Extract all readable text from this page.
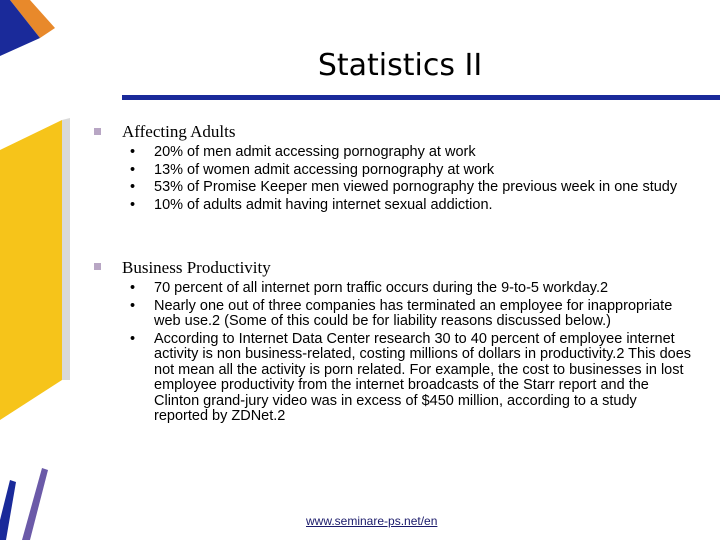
Statistics II
Affecting Adults
• 20% of men admit accessing pornography at work
• 13% of women admit accessing pornography at work
• 53% of Promise Keeper men viewed pornography the previous week in one study
• 10% of adults admit having internet sexual addiction.
Business Productivity
• 70 percent of all internet porn traffic occurs during the 9-to-5 workday.2
• Nearly one out of three companies has terminated an employee for inappropriate web use.2 (Some of this could be for liability reasons discussed below.)
• According to Internet Data Center research 30 to 40 percent of employee internet activity is non business-related, costing millions of dollars in productivity.2 This does not mean all the activity is porn related. For example, the cost to businesses in lost employee productivity from the internet broadcasts of the Starr report and the Clinton grand-jury video was in excess of $450 million, according to a study reported by ZDNet.2
www.seminare-ps.net/en
